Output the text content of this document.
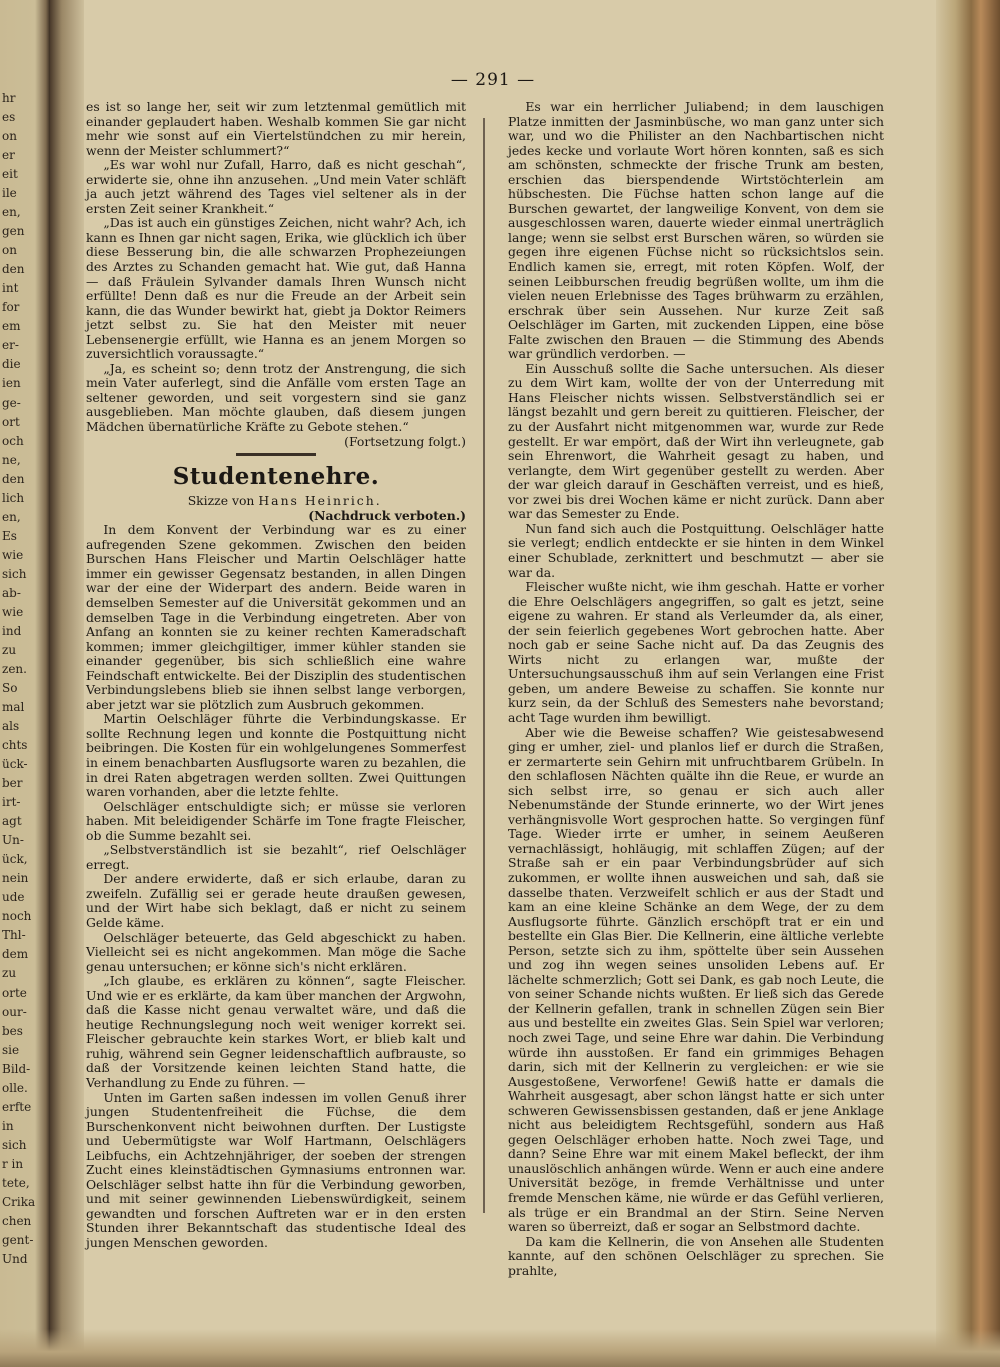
hr
es
on
er
eit
ile
en,
gen
on
den
int
for
em
er-
die
ien
ge-
ort
och
ne,
den
lich
en,
Es
wie
sich
ab-
wie
ind
zu
zen.
So
mal
als
chts
ück-
ber
irt-
agt
Un-
ück,
nein
ude
noch
Thl-
dem
zu
orte
our-
bes
sie
Bild-
olle.
erfte
in
sich
r in
tete,
Crika
chen
gent-
Und
— 291 —

es ist so lange her, seit wir zum letztenmal gemütlich mit einander geplaudert haben. Weshalb kommen Sie gar nicht mehr wie sonst auf ein Viertelstündchen zu mir herein, wenn der Meister schlummert?“

„Es war wohl nur Zufall, Harro, daß es nicht geschah“, erwiderte sie, ohne ihn anzusehen. „Und mein Vater schläft ja auch jetzt während des Tages viel seltener als in der ersten Zeit seiner Krankheit.“

„Das ist auch ein günstiges Zeichen, nicht wahr? Ach, ich kann es Ihnen gar nicht sagen, Erika, wie glücklich ich über diese Besserung bin, die alle schwarzen Prophezeiungen des Arztes zu Schanden gemacht hat. Wie gut, daß Hanna — daß Fräulein Sylvander damals Ihren Wunsch nicht erfüllte! Denn daß es nur die Freude an der Arbeit sein kann, die das Wunder bewirkt hat, giebt ja Doktor Reimers jetzt selbst zu. Sie hat den Meister mit neuer Lebensenergie erfüllt, wie Hanna es an jenem Morgen so zuversichtlich voraussagte.“

„Ja, es scheint so; denn trotz der Anstrengung, die sich mein Vater auferlegt, sind die Anfälle vom ersten Tage an seltener geworden, und seit vorgestern sind sie ganz ausgeblieben. Man möchte glauben, daß diesem jungen Mädchen übernatürliche Kräfte zu Gebote stehen.“

(Fortsetzung folgt.)

Studentenehre.

Skizze von Hans Heinrich.

(Nachdruck verboten.)

In dem Konvent der Verbindung war es zu einer aufregenden Szene gekommen. Zwischen den beiden Burschen Hans Fleischer und Martin Oelschläger hatte immer ein gewisser Gegensatz bestanden, in allen Dingen war der eine der Widerpart des andern. Beide waren in demselben Semester auf die Universität gekommen und an demselben Tage in die Verbindung eingetreten. Aber von Anfang an konnten sie zu keiner rechten Kameradschaft kommen; immer gleichgiltiger, immer kühler standen sie einander gegenüber, bis sich schließlich eine wahre Feindschaft entwickelte. Bei der Disziplin des studentischen Verbindungslebens blieb sie ihnen selbst lange verborgen, aber jetzt war sie plötzlich zum Ausbruch gekommen.

Martin Oelschläger führte die Verbindungskasse. Er sollte Rechnung legen und konnte die Postquittung nicht beibringen. Die Kosten für ein wohlgelungenes Sommerfest in einem benachbarten Ausflugsorte waren zu bezahlen, die in drei Raten abgetragen werden sollten. Zwei Quittungen waren vorhanden, aber die letzte fehlte.

Oelschläger entschuldigte sich; er müsse sie verloren haben. Mit beleidigender Schärfe im Tone fragte Fleischer, ob die Summe bezahlt sei.

„Selbstverständlich ist sie bezahlt“, rief Oelschläger erregt.

Der andere erwiderte, daß er sich erlaube, daran zu zweifeln. Zufällig sei er gerade heute draußen gewesen, und der Wirt habe sich beklagt, daß er nicht zu seinem Gelde käme.

Oelschläger beteuerte, das Geld abgeschickt zu haben. Vielleicht sei es nicht angekommen. Man möge die Sache genau untersuchen; er könne sich's nicht erklären.

„Ich glaube, es erklären zu können“, sagte Fleischer. Und wie er es erklärte, da kam über manchen der Argwohn, daß die Kasse nicht genau verwaltet wäre, und daß die heutige Rechnungslegung noch weit weniger korrekt sei. Fleischer gebrauchte kein starkes Wort, er blieb kalt und ruhig, während sein Gegner leidenschaftlich aufbrauste, so daß der Vorsitzende keinen leichten Stand hatte, die Verhandlung zu Ende zu führen. —

Unten im Garten saßen indessen im vollen Genuß ihrer jungen Studentenfreiheit die Füchse, die dem Burschenkonvent nicht beiwohnen durften. Der Lustigste und Uebermütigste war Wolf Hartmann, Oelschlägers Leibfuchs, ein Achtzehnjähriger, der soeben der strengen Zucht eines kleinstädtischen Gymnasiums entronnen war. Oelschläger selbst hatte ihn für die Verbindung geworben, und mit seiner gewinnenden Liebenswürdigkeit, seinem gewandten und forschen Auftreten war er in den ersten Stunden ihrer Bekanntschaft das studentische Ideal des jungen Menschen geworden.

Es war ein herrlicher Juliabend; in dem lauschigen Platze inmitten der Jasminbüsche, wo man ganz unter sich war, und wo die Philister an den Nachbartischen nicht jedes kecke und vorlaute Wort hören konnten, saß es sich am schönsten, schmeckte der frische Trunk am besten, erschien das bierspendende Wirtstöchterlein am hübschesten. Die Füchse hatten schon lange auf die Burschen gewartet, der langweilige Konvent, von dem sie ausgeschlossen waren, dauerte wieder einmal unerträglich lange; wenn sie selbst erst Burschen wären, so würden sie gegen ihre eigenen Füchse nicht so rücksichtslos sein. Endlich kamen sie, erregt, mit roten Köpfen. Wolf, der seinen Leibburschen freudig begrüßen wollte, um ihm die vielen neuen Erlebnisse des Tages brühwarm zu erzählen, erschrak über sein Aussehen. Nur kurze Zeit saß Oelschläger im Garten, mit zuckenden Lippen, eine böse Falte zwischen den Brauen — die Stimmung des Abends war gründlich verdorben. —

Ein Ausschuß sollte die Sache untersuchen. Als dieser zu dem Wirt kam, wollte der von der Unterredung mit Hans Fleischer nichts wissen. Selbstverständlich sei er längst bezahlt und gern bereit zu quittieren. Fleischer, der zu der Ausfahrt nicht mitgenommen war, wurde zur Rede gestellt. Er war empört, daß der Wirt ihn verleugnete, gab sein Ehrenwort, die Wahrheit gesagt zu haben, und verlangte, dem Wirt gegenüber gestellt zu werden. Aber der war gleich darauf in Geschäften verreist, und es hieß, vor zwei bis drei Wochen käme er nicht zurück. Dann aber war das Semester zu Ende.

Nun fand sich auch die Postquittung. Oelschläger hatte sie verlegt; endlich entdeckte er sie hinten in dem Winkel einer Schublade, zerknittert und beschmutzt — aber sie war da.

Fleischer wußte nicht, wie ihm geschah. Hatte er vorher die Ehre Oelschlägers angegriffen, so galt es jetzt, seine eigene zu wahren. Er stand als Verleumder da, als einer, der sein feierlich gegebenes Wort gebrochen hatte. Aber noch gab er seine Sache nicht auf. Da das Zeugnis des Wirts nicht zu erlangen war, mußte der Untersuchungsausschuß ihm auf sein Verlangen eine Frist geben, um andere Beweise zu schaffen. Sie konnte nur kurz sein, da der Schluß des Semesters nahe bevorstand; acht Tage wurden ihm bewilligt.

Aber wie die Beweise schaffen? Wie geistesabwesend ging er umher, ziel- und planlos lief er durch die Straßen, er zermarterte sein Gehirn mit unfruchtbarem Grübeln. In den schlaflosen Nächten quälte ihn die Reue, er wurde an sich selbst irre, so genau er sich auch aller Nebenumstände der Stunde erinnerte, wo der Wirt jenes verhängnisvolle Wort gesprochen hatte. So vergingen fünf Tage. Wieder irrte er umher, in seinem Aeußeren vernachlässigt, hohläugig, mit schlaffen Zügen; auf der Straße sah er ein paar Verbindungsbrüder auf sich zukommen, er wollte ihnen ausweichen und sah, daß sie dasselbe thaten. Verzweifelt schlich er aus der Stadt und kam an eine kleine Schänke an dem Wege, der zu dem Ausflugsorte führte. Gänzlich erschöpft trat er ein und bestellte ein Glas Bier. Die Kellnerin, eine ältliche verlebte Person, setzte sich zu ihm, spöttelte über sein Aussehen und zog ihn wegen seines unsoliden Lebens auf. Er lächelte schmerzlich; Gott sei Dank, es gab noch Leute, die von seiner Schande nichts wußten. Er ließ sich das Gerede der Kellnerin gefallen, trank in schnellen Zügen sein Bier aus und bestellte ein zweites Glas. Sein Spiel war verloren; noch zwei Tage, und seine Ehre war dahin. Die Verbindung würde ihn ausstoßen. Er fand ein grimmiges Behagen darin, sich mit der Kellnerin zu vergleichen: er wie sie Ausgestoßene, Verworfene! Gewiß hatte er damals die Wahrheit ausgesagt, aber schon längst hatte er sich unter schweren Gewissensbissen gestanden, daß er jene Anklage nicht aus beleidigtem Rechtsgefühl, sondern aus Haß gegen Oelschläger erhoben hatte. Noch zwei Tage, und dann? Seine Ehre war mit einem Makel befleckt, der ihm unauslöschlich anhängen würde. Wenn er auch eine andere Universität bezöge, in fremde Verhältnisse und unter fremde Menschen käme, nie würde er das Gefühl verlieren, als trüge er ein Brandmal an der Stirn. Seine Nerven waren so überreizt, daß er sogar an Selbstmord dachte.

Da kam die Kellnerin, die von Ansehen alle Studenten kannte, auf den schönen Oelschläger zu sprechen. Sie prahlte,
